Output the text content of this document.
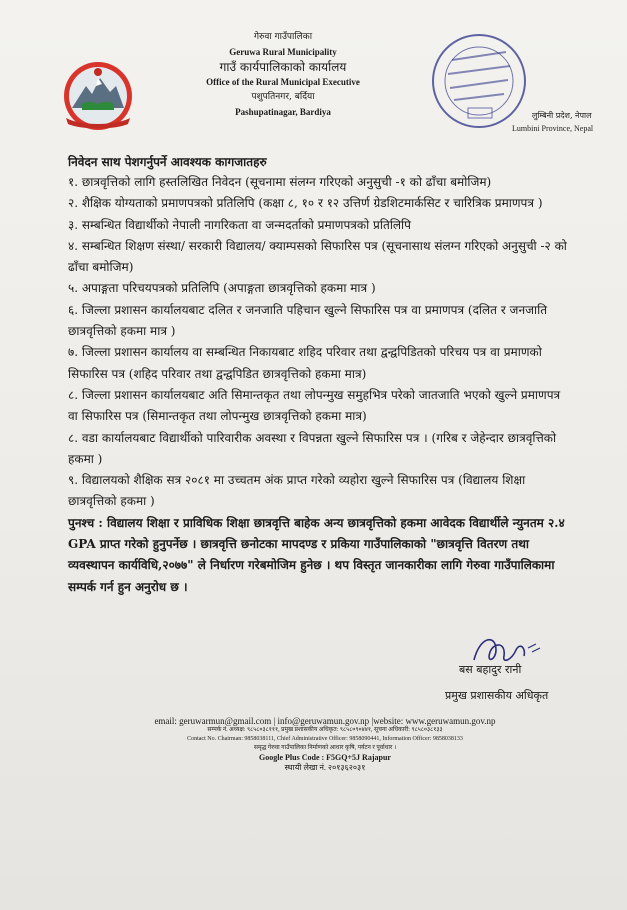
गेरुवा गाउँपालिका
Geruwa Rural Municipality
गाउँ कार्यपालिकाको कार्यालय
Office of the Rural Municipal Executive
पशुपतिनगर, बर्दिया
Pashupatinagar, Bardiya	लुम्बिनी प्रदेश, नेपाल
Lumbini Province, Nepal
निवेदन साथ पेशगर्नुपर्ने आवश्यक कागजातहरु

१. छात्रवृत्तिको लागि हस्तलिखित निवेदन (सूचनामा संलग्न गरिएको अनुसुची -१ को ढाँचा बमोजिम)

२. शैक्षिक योग्यताको प्रमाणपत्रको प्रतिलिपि (कक्षा ८, १० र १२ उत्तिर्ण ग्रेडशिटमार्कसिट र चारित्रिक प्रमाणपत्र )

३. सम्बन्धित विद्यार्थीको नेपाली नागरिकता वा जन्मदर्ताको प्रमाणपत्रको प्रतिलिपि

४. सम्बन्धित शिक्षण संस्था/ सरकारी विद्यालय/ क्याम्पसको सिफारिस पत्र (सूचनासाथ संलग्न गरिएको अनुसुची -२ को ढाँचा बमोजिम)

५. अपाङ्गता परिचयपत्रको प्रतिलिपि (अपाङ्गता छात्रवृत्तिको हकमा मात्र )

६. जिल्ला प्रशासन कार्यालयबाट दलित र जनजाति पहिचान खुल्ने सिफारिस पत्र वा प्रमाणपत्र (दलित र जनजाति छात्रवृत्तिको हकमा मात्र )

७. जिल्ला प्रशासन कार्यालय वा सम्बन्धित निकायबाट शहिद परिवार तथा द्वन्द्वपिडितको परिचय पत्र वा प्रमाणको सिफारिस पत्र (शहिद परिवार तथा द्वन्द्वपिडित छात्रवृत्तिको हकमा मात्र)

८. जिल्ला प्रशासन कार्यालयबाट अति सिमान्तकृत तथा लोपन्मुख समुहभित्र परेको जातजाति भएको खुल्ने प्रमाणपत्र वा सिफारिस पत्र (सिमान्तकृत तथा लोपन्मुख छात्रवृत्तिको हकमा मात्र)

८. वडा कार्यालयबाट विद्यार्थीको पारिवारीक अवस्था र विपन्नता खुल्ने सिफारिस पत्र । (गरिब र जेहेन्दार छात्रवृत्तिको हकमा )

९. विद्यालयको शैक्षिक सत्र २०८१ मा उच्चतम अंक प्राप्त गरेको व्यहोरा खुल्ने सिफारिस पत्र (विद्यालय शिक्षा छात्रवृत्तिको हकमा )

पुनश्च : विद्यालय शिक्षा र प्राविधिक शिक्षा छात्रवृत्ति बाहेक अन्य छात्रवृत्तिको हकमा आवेदक विद्यार्थीले न्युनतम २.४ GPA प्राप्त गरेको हुनुपर्नेछ । छात्रवृत्ति छनोटका मापदण्ड र प्रकिया गाउँपालिकाको "छात्रवृत्ति वितरण तथा व्यवस्थापन कार्यविधि,२०७७" ले निर्धारण गरेबमोजिम हुनेछ । थप विस्तृत जानकारीका लागि गेरुवा गाउँपालिकामा सम्पर्क गर्न हुन अनुरोध छ ।

बस बहादुर रानी
प्रमुख प्रशासकीय अधिकृत
email: geruwarmun@gmail.com | info@geruwamun.gov.np |website: www.geruwamun.gov.np
सम्पर्क नं. अध्यक्ष: ९८५८०३८१११, प्रमुख प्रशासकीय अधिकृत: ९८५८०९०४४१, सूचना अधिकारी: ९८५८०३८१३३
Contact No. Chairman: 9858038111, Chief Administrative Officer: 9858090441, Information Officer: 9858038133
समृद्ध गेरुवा गाउँपालिका निर्माणको आधार कृषि, पर्यटन र पूर्वाधार ।
Google Plus Code : F5GQ+5J Rajapur
स्थायी लेखा नं. २०१३६२०३१
